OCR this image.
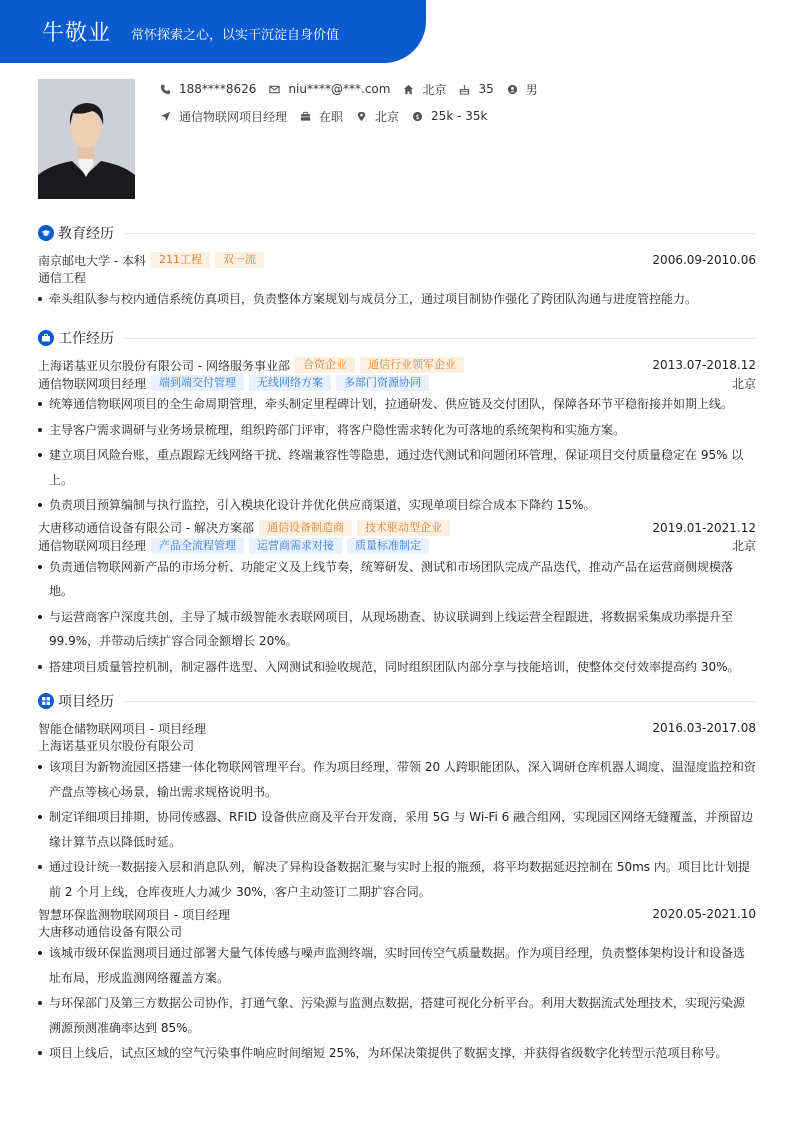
牛敬业 常怀探索之心，以实干沉淀自身价值
188****8626	niu****@***.com	北京	35	男
通信物联网项目经理	在职	北京 $ 25k - 35k
教育经历
南京邮电大学 - 本科	211工程	双一流	2006.09-2010.06
通信工程
牵头组队参与校内通信系统仿真项目，负责整体方案规划与成员分工，通过项目制协作强化了跨团队沟通与进度管控能力。
工作经历
上海诺基亚贝尔股份有限公司 - 网络服务事业部	合资企业	通信行业领军企业	2013.07-2018.12
通信物联网项目经理	端到端交付管理	无线网络方案	多部门资源协同	北京
统筹通信物联网项目的全生命周期管理，牵头制定里程碑计划，拉通研发、供应链及交付团队，保障各环节平稳衔接并如期上线。
主导客户需求调研与业务场景梳理，组织跨部门评审，将客户隐性需求转化为可落地的系统架构和实施方案。
建立项目风险台账，重点跟踪无线网络干扰、终端兼容性等隐患，通过迭代测试和问题闭环管理，保证项目交付质量稳定在 95% 以上。
负责项目预算编制与执行监控，引入模块化设计并优化供应商渠道，实现单项目综合成本下降约 15%。
大唐移动通信设备有限公司 - 解决方案部	通信设备制造商	技术驱动型企业	2019.01-2021.12
通信物联网项目经理	产品全流程管理	运营商需求对接	质量标准制定	北京
负责通信物联网新产品的市场分析、功能定义及上线节奏，统筹研发、测试和市场团队完成产品迭代，推动产品在运营商侧规模落地。
与运营商客户深度共创，主导了城市级智能水表联网项目，从现场勘查、协议联调到上线运营全程跟进，将数据采集成功率提升至 99.9%，并带动后续扩容合同金额增长 20%。
搭建项目质量管控机制，制定器件选型、入网测试和验收规范，同时组织团队内部分享与技能培训，使整体交付效率提高约 30%。
项目经历
智能仓储物联网项目 - 项目经理	2016.03-2017.08
上海诺基亚贝尔股份有限公司
该项目为新物流园区搭建一体化物联网管理平台。作为项目经理，带领 20 人跨职能团队，深入调研仓库机器人调度、温湿度监控和资产盘点等核心场景，输出需求规格说明书。
制定详细项目排期，协同传感器、RFID 设备供应商及平台开发商，采用 5G 与 Wi-Fi 6 融合组网，实现园区网络无缝覆盖，并预留边缘计算节点以降低时延。
通过设计统一数据接入层和消息队列，解决了异构设备数据汇聚与实时上报的瓶颈，将平均数据延迟控制在 50ms 内。项目比计划提前 2 个月上线，仓库夜班人力减少 30%，客户主动签订二期扩容合同。
智慧环保监测物联网项目 - 项目经理	2020.05-2021.10
大唐移动通信设备有限公司
该城市级环保监测项目通过部署大量气体传感与噪声监测终端，实时回传空气质量数据。作为项目经理，负责整体架构设计和设备选址布局，形成监测网络覆盖方案。
与环保部门及第三方数据公司协作，打通气象、污染源与监测点数据，搭建可视化分析平台。利用大数据流式处理技术，实现污染源溯源预测准确率达到 85%。
项目上线后，试点区域的空气污染事件响应时间缩短 25%，为环保决策提供了数据支撑，并获得省级数字化转型示范项目称号。
